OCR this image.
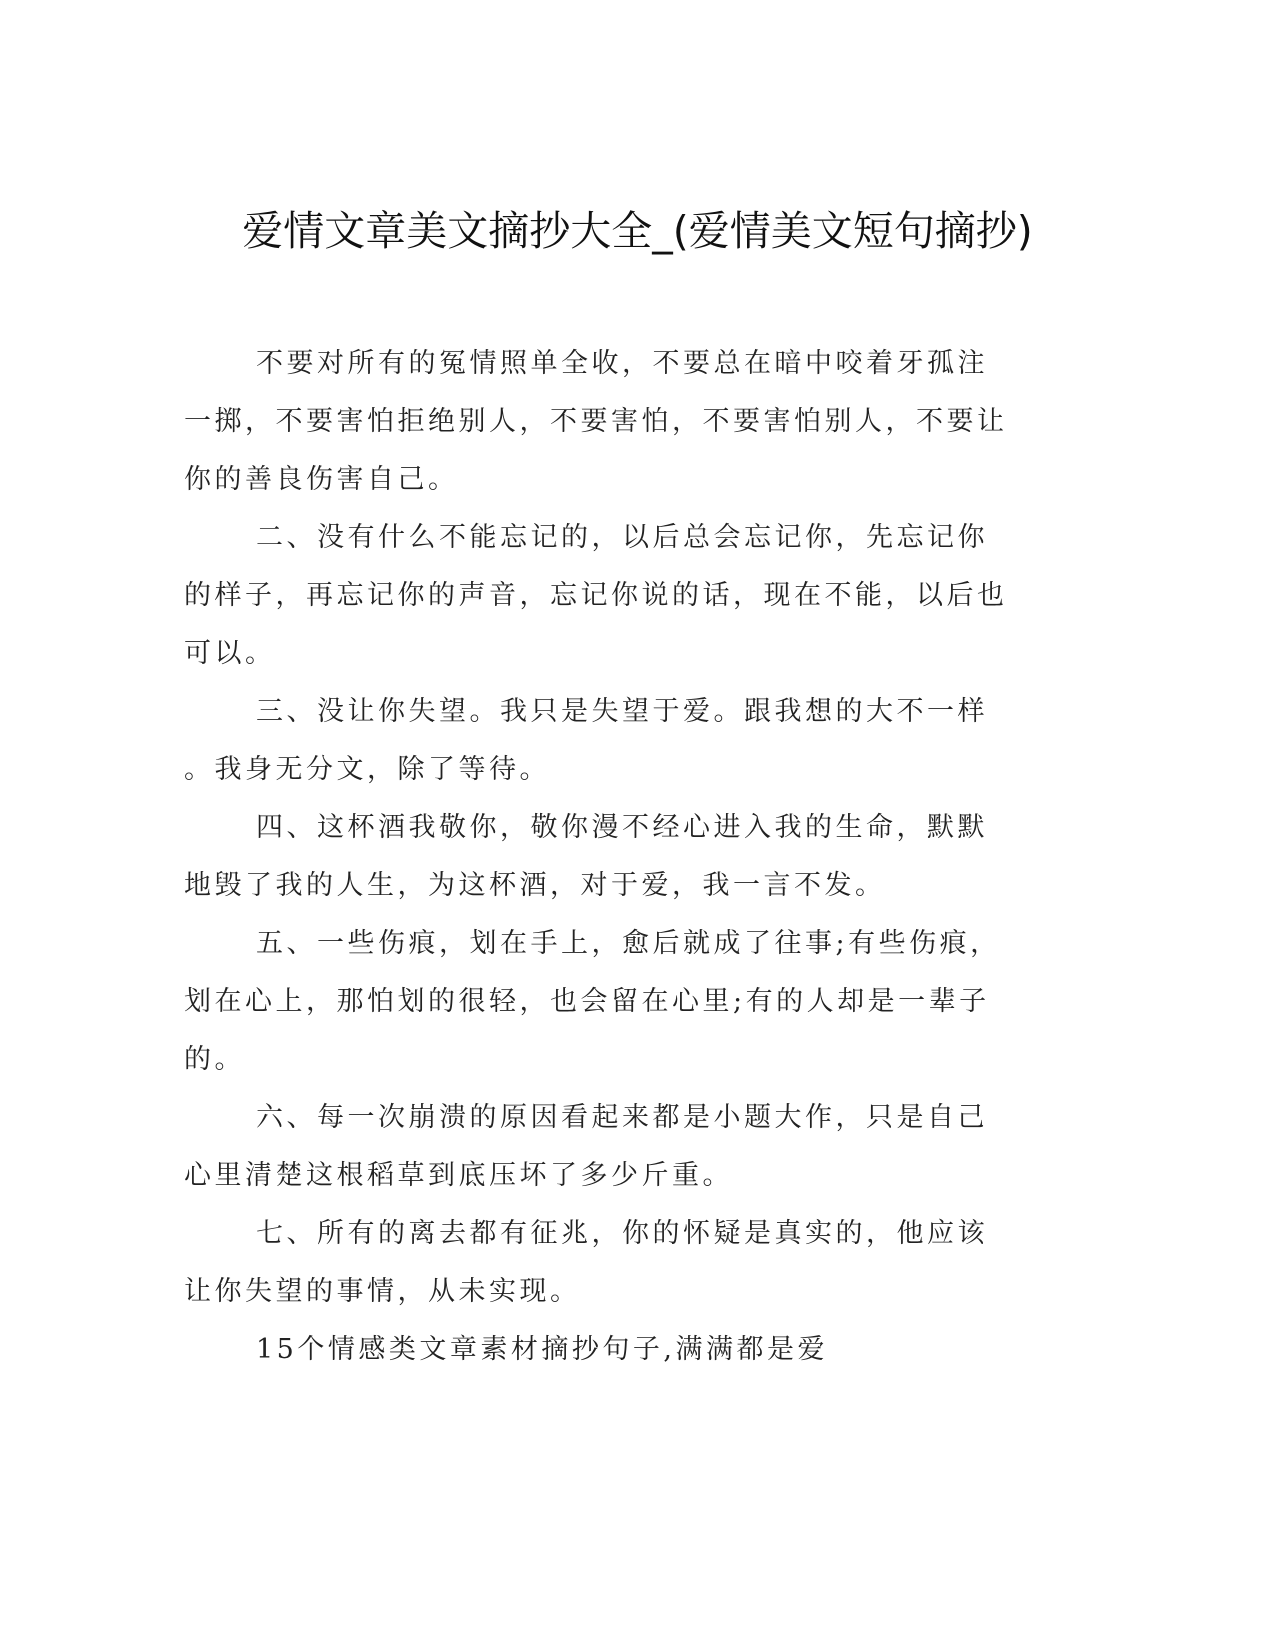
爱情文章美文摘抄大全_(爱情美文短句摘抄)
不要对所有的冤情照单全收，不要总在暗中咬着牙孤注
一掷，不要害怕拒绝别人，不要害怕，不要害怕别人，不要让
你的善良伤害自己。
二、没有什么不能忘记的，以后总会忘记你，先忘记你
的样子，再忘记你的声音，忘记你说的话，现在不能，以后也
可以。
三、没让你失望。我只是失望于爱。跟我想的大不一样
。我身无分文，除了等待。
四、这杯酒我敬你，敬你漫不经心进入我的生命，默默
地毁了我的人生，为这杯酒，对于爱，我一言不发。
五、一些伤痕，划在手上，愈后就成了往事;有些伤痕，
划在心上，那怕划的很轻，也会留在心里;有的人却是一辈子
的。
六、每一次崩溃的原因看起来都是小题大作，只是自己
心里清楚这根稻草到底压坏了多少斤重。
七、所有的离去都有征兆，你的怀疑是真实的，他应该
让你失望的事情，从未实现。
15个情感类文章素材摘抄句子,满满都是爱
